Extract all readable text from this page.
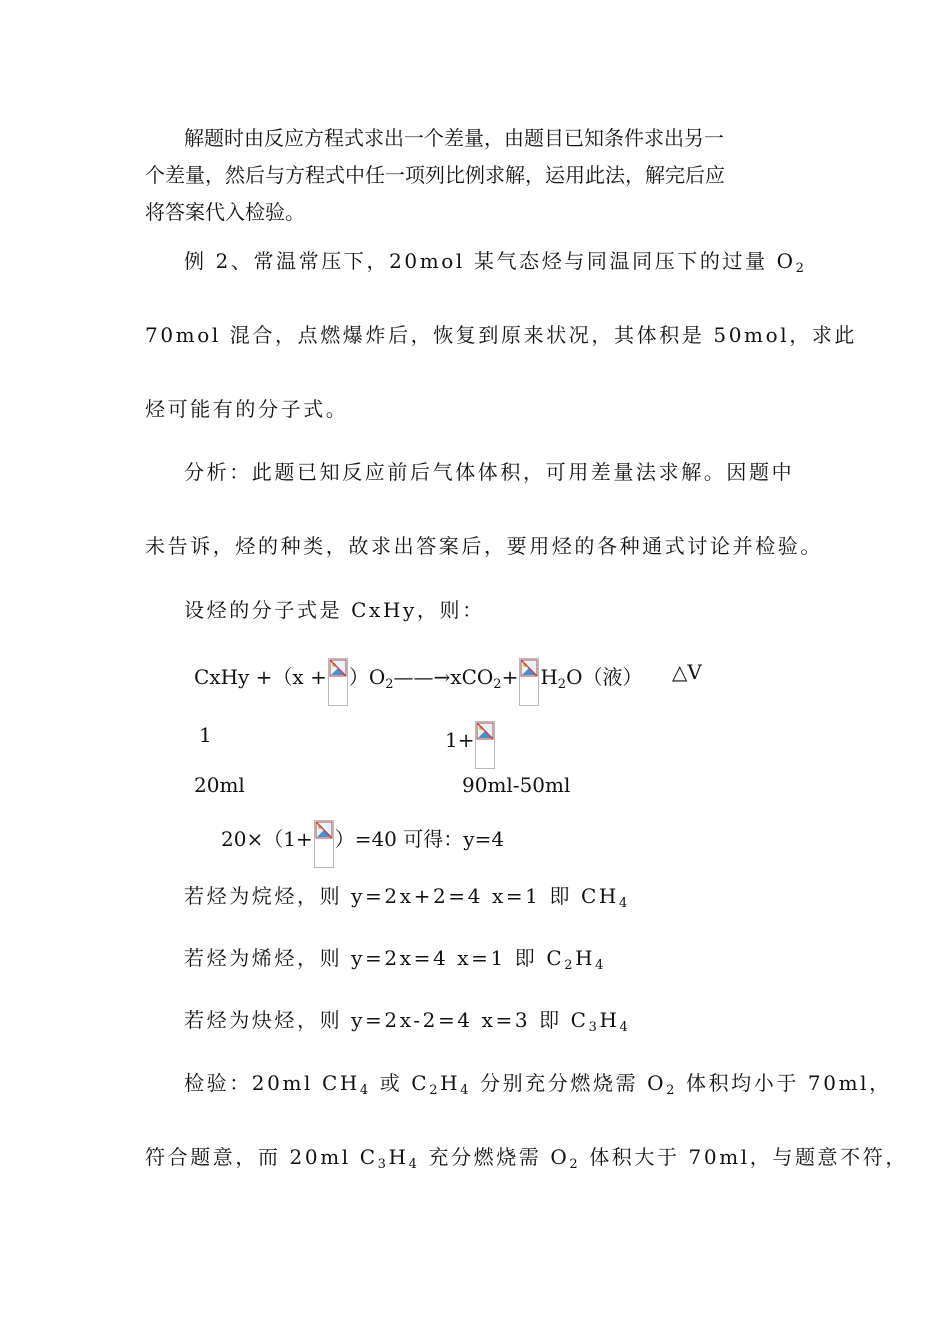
解题时由反应方程式求出一个差量，由题目已知条件求出另一
个差量，然后与方程式中任一项列比例求解，运用此法，解完后应
将答案代入检验。
例 2、常温常压下，20mol 某气态烃与同温同压下的过量 $O_2$
70mol 混合，点燃爆炸后，恢复到原来状况，其体积是 50mol，求此
烃可能有的分子式。
分析：此题已知反应前后气体体积，可用差量法求解。因题中
未告诉，烃的种类，故求出答案后，要用烃的各种通式讨论并检验。
设烃的分子式是 CxHy，则：
CxHy $+(x + )O_2——\to xCO_2+ H_2O$（液） △V
1	1+
20ml	90ml-50ml
20×（1+ ）=40 可得：y=4
若烃为烷烃，则 y=2x+2=4 x=1 即 $CH_4$
若烃为烯烃，则 y=2x=4 x=1 即 $C_2H_4$
若烃为炔烃，则 y=2x-2=4 x=3 即 $C_3H_4$
检验：20ml $CH_4$ 或 $C_2H_4$ 分别充分燃烧需 $O_2$ 体积均小于 70ml，
符合题意，而 20ml $C_3H_4$ 充分燃烧需 $O_2$ 体积大于 70ml，与题意不符，
